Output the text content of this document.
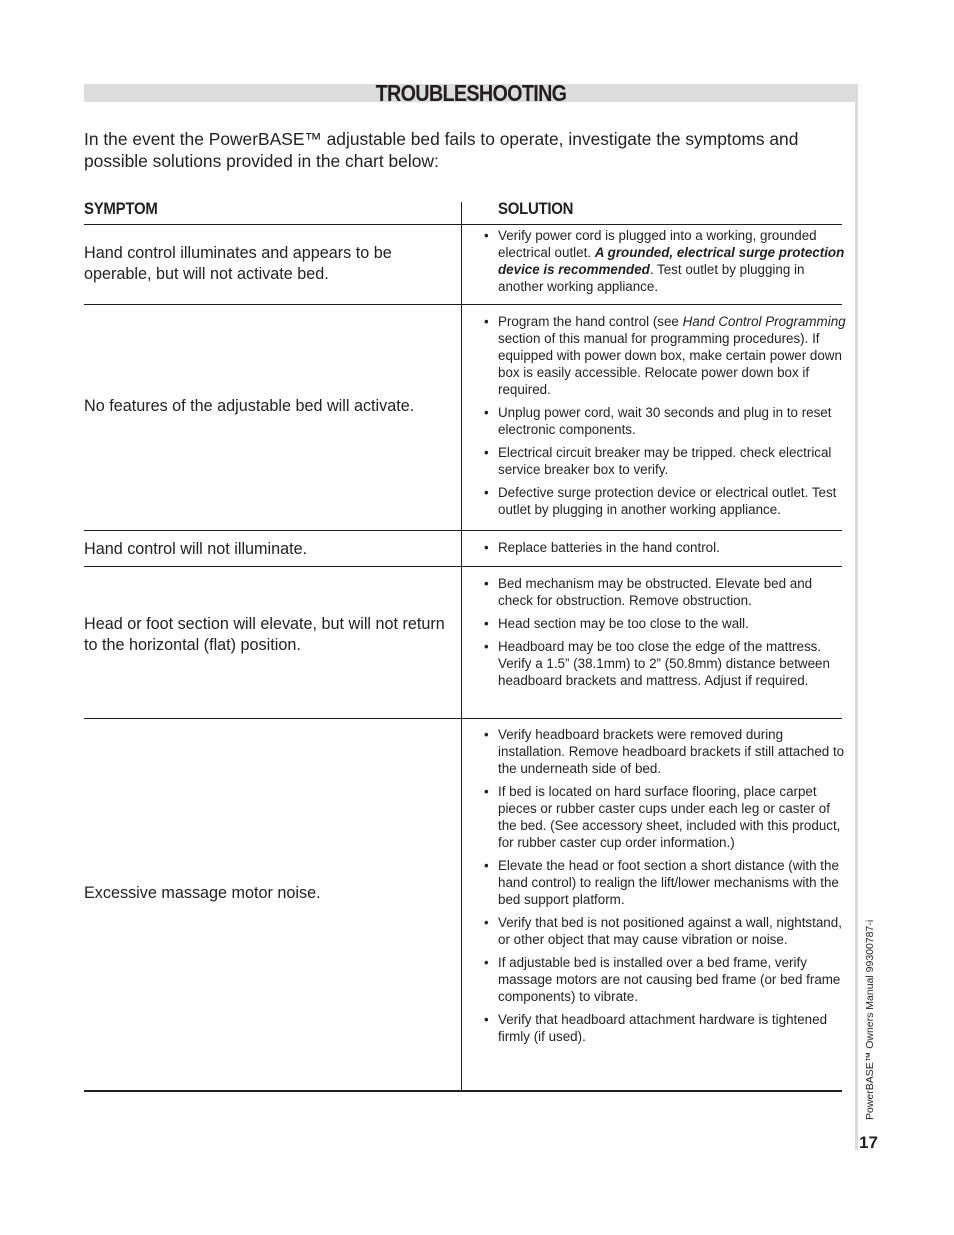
TROUBLESHOOTING
In the event the PowerBASE™ adjustable bed fails to operate, investigate the symptoms and possible solutions provided in the chart below:
SYMPTOM	SOLUTION
Hand control illuminates and appears to be operable, but will not activate bed.
• Verify power cord is plugged into a working, grounded electrical outlet. A grounded, electrical surge protection device is recommended. Test outlet by plugging in another working appliance.
No features of the adjustable bed will activate.
• Program the hand control (see Hand Control Programming section of this manual for programming procedures). If equipped with power down box, make certain power down box is easily accessible. Relocate power down box if required.
• Unplug power cord, wait 30 seconds and plug in to reset electronic components.
• Electrical circuit breaker may be tripped. check electrical service breaker box to verify.
• Defective surge protection device or electrical outlet. Test outlet by plugging in another working appliance.
Hand control will not illuminate.	• Replace batteries in the hand control.
Head or foot section will elevate, but will not return to the horizontal (flat) position.
• Bed mechanism may be obstructed. Elevate bed and check for obstruction. Remove obstruction.
• Head section may be too close to the wall.
• Headboard may be too close the edge of the mattress. Verify a 1.5” (38.1mm) to 2” (50.8mm) distance between headboard brackets and mattress. Adjust if required.
Excessive massage motor noise.
• Verify headboard brackets were removed during installation. Remove headboard brackets if still attached to the underneath side of bed.
• If bed is located on hard surface flooring, place carpet pieces or rubber caster cups under each leg or caster of the bed. (See accessory sheet, included with this product, for rubber caster cup order information.)
• Elevate the head or foot section a short distance (with the hand control) to realign the lift/lower mechanisms with the bed support platform.
• Verify that bed is not positioned against a wall, nightstand, or other object that may cause vibration or noise.
• If adjustable bed is installed over a bed frame, verify massage motors are not causing bed frame (or bed frame components) to vibrate.
• Verify that headboard attachment hardware is tightened firmly (if used).	PowerBASE™ Owners Manual 99300787-i
17
